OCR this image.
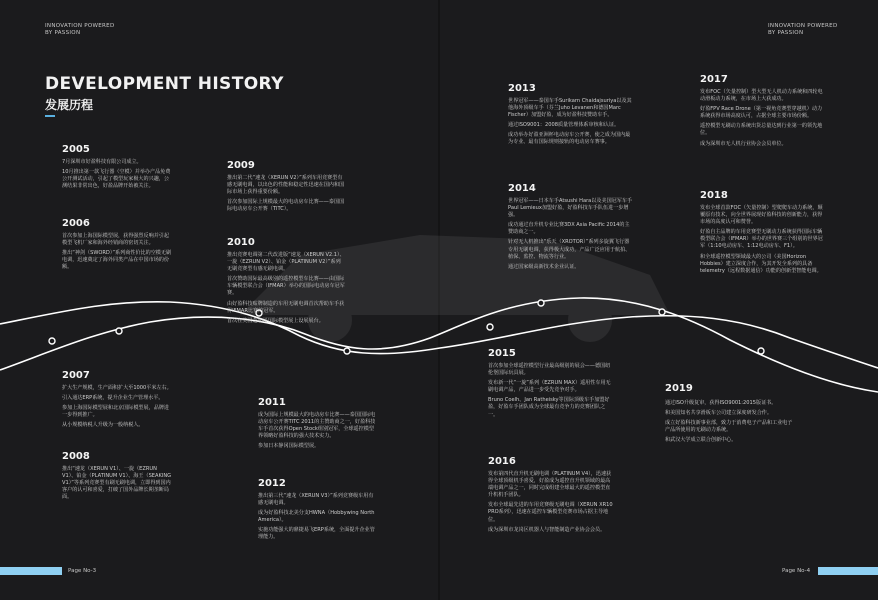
INNOVATION POWERED
BY PASSION
INNOVATION POWERED
BY PASSION
DEVELOPMENT HISTORY
发展历程
2005

7月深圳市好盈科技有限公司成立。

10月推出第一款飞行器（空模）并举办产品免费公开测试活动，引起了模型玩家极大的兴趣，公测结果非常出色，好盈品牌开始被关注。

2006

首次参加上海国际模型展，获得强烈反响并引起模型飞机厂家和海外经销商的密切关注。

推出“神剑（SWORD）”系列商性价比的空模无刷电调，迅速奠定了海外同类产品在中国市场的份额。

2007

扩大生产规模，生产面积扩大至1000平米左右。

引入通达ERP系统，提升企业生产管理水平。

参加上海国际模型展和北京国际模型展，品牌进一步得到推广。

从小规模纳税人升级为一般纳税人。

2008

推出“速龙（XERUN V1）、一旋（EZRUN V1）、铂金（PLATINUM V1）、海王（SEAKING V1）”等系列竞赛型有刷无刷电调，立即得到国内客户的认可和喜爱，打破了国外品牌长期垄断局面。

2009

推出第二代“速龙（XERUN V2）”系列车用竞赛型有感无刷电调，以出色的性能和稳定性迅速在国内和国际市场上获得重要份额。

首次参加国际上规模最大的电动房车比赛——泰国国际电动房车公开赛（TITC）。

2010

推出竞赛电调第二代改进版“速龙（XERUN V2.1）、一旋（EZRUN V2）、铂金（PLATINUM V2）”系列无刷竞赛型有感无刷电调。

首次赞助国际最高级别的遥控模型车比赛——由国际车辆模型联合会（IFMAR）举办的国际电动房车冠军赛。

由好盈科技贴牌制造的车用无刷电调首次帮助车手获得IFMAR比赛的冠军。

首次在美国芝加哥国际模型展上设展展台。

2011

成为国际上规模最大的电动房车比赛——泰国国际电动房车公开赛TITC 2011的主赞助商之一，好盈科技车手首次获得Open Stock组别冠军，全球遥控模型界领略好盈科技的强大技术实力。

参加日本静冈国际模型展。

2012

推出第三代“速龙（XERUN V3）”系列竞赛级车用有感无刷电调。

成为好盈科技北美分支HWNA（Hobbywing North America）。

实施功能强大的鼎捷易飞ERP系统，全面提升企业管理能力。

2013

世界冠军——泰国车手Surikarn Chaidajsuriya以及其他海外顶级车手（芬兰Juho Levanen和德国Marc Fischer）加盟好盈，成为好盈科技赞助车手。

通过ISO9001：2008质量管理体系审核和认证。

成功举办好盈亚洲杯电动房车公开赛，使之成为国内最为专业、最有国际规则接轨的电动房车赛事。

2014

世界冠军——日本车手Atsushi Hara以及美国冠军车手Paul Lemieux加盟好盈，好盈科技车手队伍进一步增强。

成功通过直升机专业比赛3DX Asia Pacific 2014的主赞助商之一。

针对无人机推出“乐天（XROTOR）”系列多旋翼飞行器专用无刷电调，获得极大成功，产品广泛应用于航拍、植保、监控、物流等行业。

通过国家级高新技术企业认证。

2015

首次参加全球遥控模型行业最高级别的展会——德国纽伦堡国际玩具展。

发布新一代“一旋”系列（EZRUN MAX）遥用性车用无刷电调产品，产品进一步受先竞争对手。

Bruno Coelh、Jan Ratheisky等国际顶级车手加盟好盈，好盈车手团队成为全球最有竞争力的竞赛团队之一。

2016

发布第四代直升机无刷电调（PLATINUM V4），迅速获得全球顶级机手喜爱，好盈成为遥控直升机领域的最高端电调产品之一，同时完成组建全球最大的遥控模型直升机机手团队。

发布全球最先进的车用竞赛级无刷电调（XERUN XR10 PRO系列），迅速在遥控车辆模型竞赛市场占据主导地位。

成为深圳市龙岗区机器人与智能制造产业协会会员。

2017

发布FOC（矢量控制）型大型无人机动力系统和四轮电动滑板动力系统，在市场上大获成功。

好盈FPV Race Drone（第一视角竞赛型穿越机）动力系统获得市场高度认可，占据全球主要市场份额。

遥控模型无刷动力系统出货总量达到行业第一的领先地位。

成为深圳市无人机行业协会会员单位。

2018

发布全球首款FOC（矢量控制）型爬爬车动力系统，颠覆原有技术，向全世界展现好盈科技的创新能力，获得市场的高度认可和赞誉。

好盈自主品牌的车用竞赛型无刷动力系统获得国际车辆模型联合会（IFMAR）举办的世界赛三个组别的世界冠军（1:10电动房车、1:12电动房车、F1）。

和全球遥控模型领域最大的公司（美国Horizon Hobbies）建立深度合作，为其开发全系列的具备telemetry（远程数据通信）功能的创新型智能电调。

2019

通过ISO升级复审，获得ISO9001:2015版证书。

和美国知名共享滑板车公司建立深度研发合作。

成立好盈科技新事业部，致力于消费电子产品和工业电子产品所使用的无刷动力系统。

和武汉大学成立联合创新中心。

Page No-3	Page No-4
